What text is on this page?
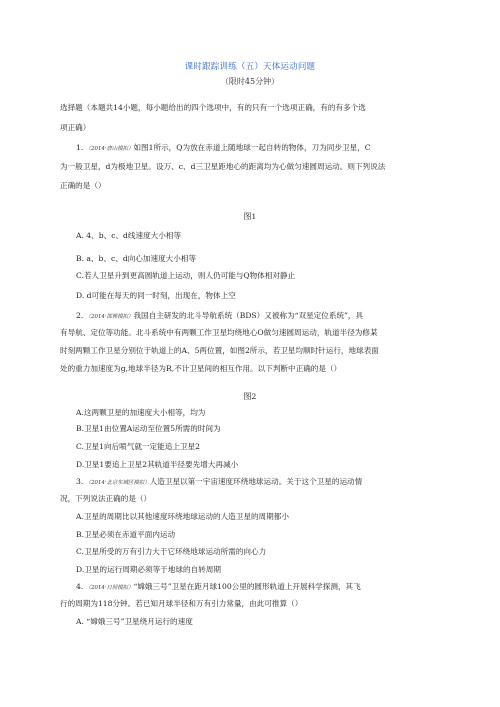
课时跟踪训练（五）天体运动问题
（限时45分钟）
选择题（本题共14小题，每小题给出的四个选项中，有的只有一个选项正确，有的有多个选
项正确）
1. （2014·唐山模拟）如图1所示，Q为放在赤道上随地球一起自转的物体，刀为同步卫星，C
为一般卫星，d为极地卫星。设万、c、d三卫星距地心的距离均为心做匀速圆周运动。则下列说法
正确的是（）
图1
A. 4、b、c、d线速度大小相等
B. a、b、c、d向心加速度大小相等
C.若人卫星升到更高圆轨道上运动，则人仍可能与Q物体相对静止
D. d可能在每天的同一时刻，出现在，物体上空
2. （2014·邯郸模拟）我国自主研发的北斗导航系统（BDS）又被称为“双星定位系统”，具
有导航、定位等功能。北斗系统中有两颗工作卫星均绕地心O做匀速圆周运动，轨道半径为修某
时刻两颗工作卫星分别位于轨道上的A、5两位置，如图2所示，若卫星均顺时针运行，地球表面
处的重力加速度为g,地球半径为R,不计卫星间的相互作用。以下判断中正确的是（）
图2
A.这两颗卫星的加速度大小相等，均为
B.卫星1由位置A运动至位置5所需的时间为
C.卫星1向后喷气就一定能追上卫星2
D.卫星1要追上卫星2其轨道半径要先增大再减小
3. （2014·北京东城区模拟）人造卫星以第一宇宙速度环绕地球运动。关于这个卫星的运动情
况，下列说法正确的是（）
A.卫星的周期比以其他速度环绕地球运动的人造卫星的周期都小
B.卫星必须在赤道平面内运动
C.卫星所受的万有引力大于它环绕地球运动所需的向心力
D.卫星的运行周期必须等于地球的自转周期
4. （2014·日照模拟）“嫦娥三号”卫星在距月球100公里的圆形轨道上开展科学探测，其飞
行的周期为118分钟。若已知月球半径和万有引力常量，由此可推算（）
A. “嫦娥三号”卫星绕月运行的速度
